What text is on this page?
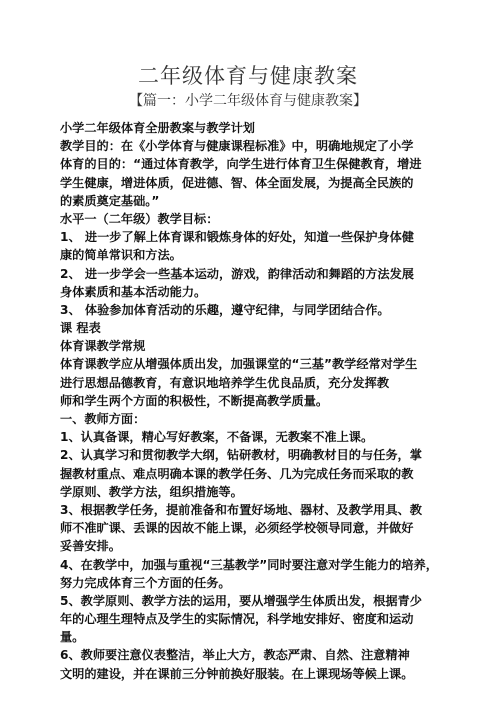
二年级体育与健康教案
【篇一：小学二年级体育与健康教案】
小学二年级体育全册教案与教学计划
教学目的：在《小学体育与健康课程标准》中，明确地规定了小学
体育的目的：“通过体育教学，向学生进行体育卫生保健教育，增进
学生健康，增进体质，促进德、智、体全面发展，为提高全民族的
的素质奠定基础。”
水平一（二年级）教学目标：
1、 进一步了解上体育课和锻炼身体的好处，知道一些保护身体健
康的简单常识和方法。
2、 进一步学会一些基本运动，游戏，韵律活动和舞蹈的方法发展
身体素质和基本活动能力。
3、 体验参加体育活动的乐趣，遵守纪律，与同学团结合作。
课 程表
体育课教学常规
体育课教学应从增强体质出发，加强课堂的“三基”教学经常对学生
进行思想品德教育，有意识地培养学生优良品质，充分发挥教
师和学生两个方面的积极性，不断提高教学质量。
一、教师方面：
1、认真备课，精心写好教案，不备课，无教案不准上课。
2、认真学习和贯彻教学大纲，钻研教材，明确教材目的与任务，掌
握教材重点、难点明确本课的教学任务、几为完成任务而采取的教
学原则、教学方法，组织措施等。
3、根据教学任务，提前准备和布置好场地、器材、及教学用具、教
师不准旷课、丢课的因故不能上课，必须经学校领导同意，并做好
妥善安排。
4、在教学中，加强与重视“三基教学”同时要注意对学生能力的培养，
努力完成体育三个方面的任务。
5、教学原则、教学方法的运用，要从增强学生体质出发，根据青少
年的心理生理特点及学生的实际情况，科学地安排好、密度和运动
量。
6、教师要注意仪表整洁，举止大方，教态严肃、自然、注意精神
文明的建设，并在课前三分钟前换好服装。在上课现场等候上课。
